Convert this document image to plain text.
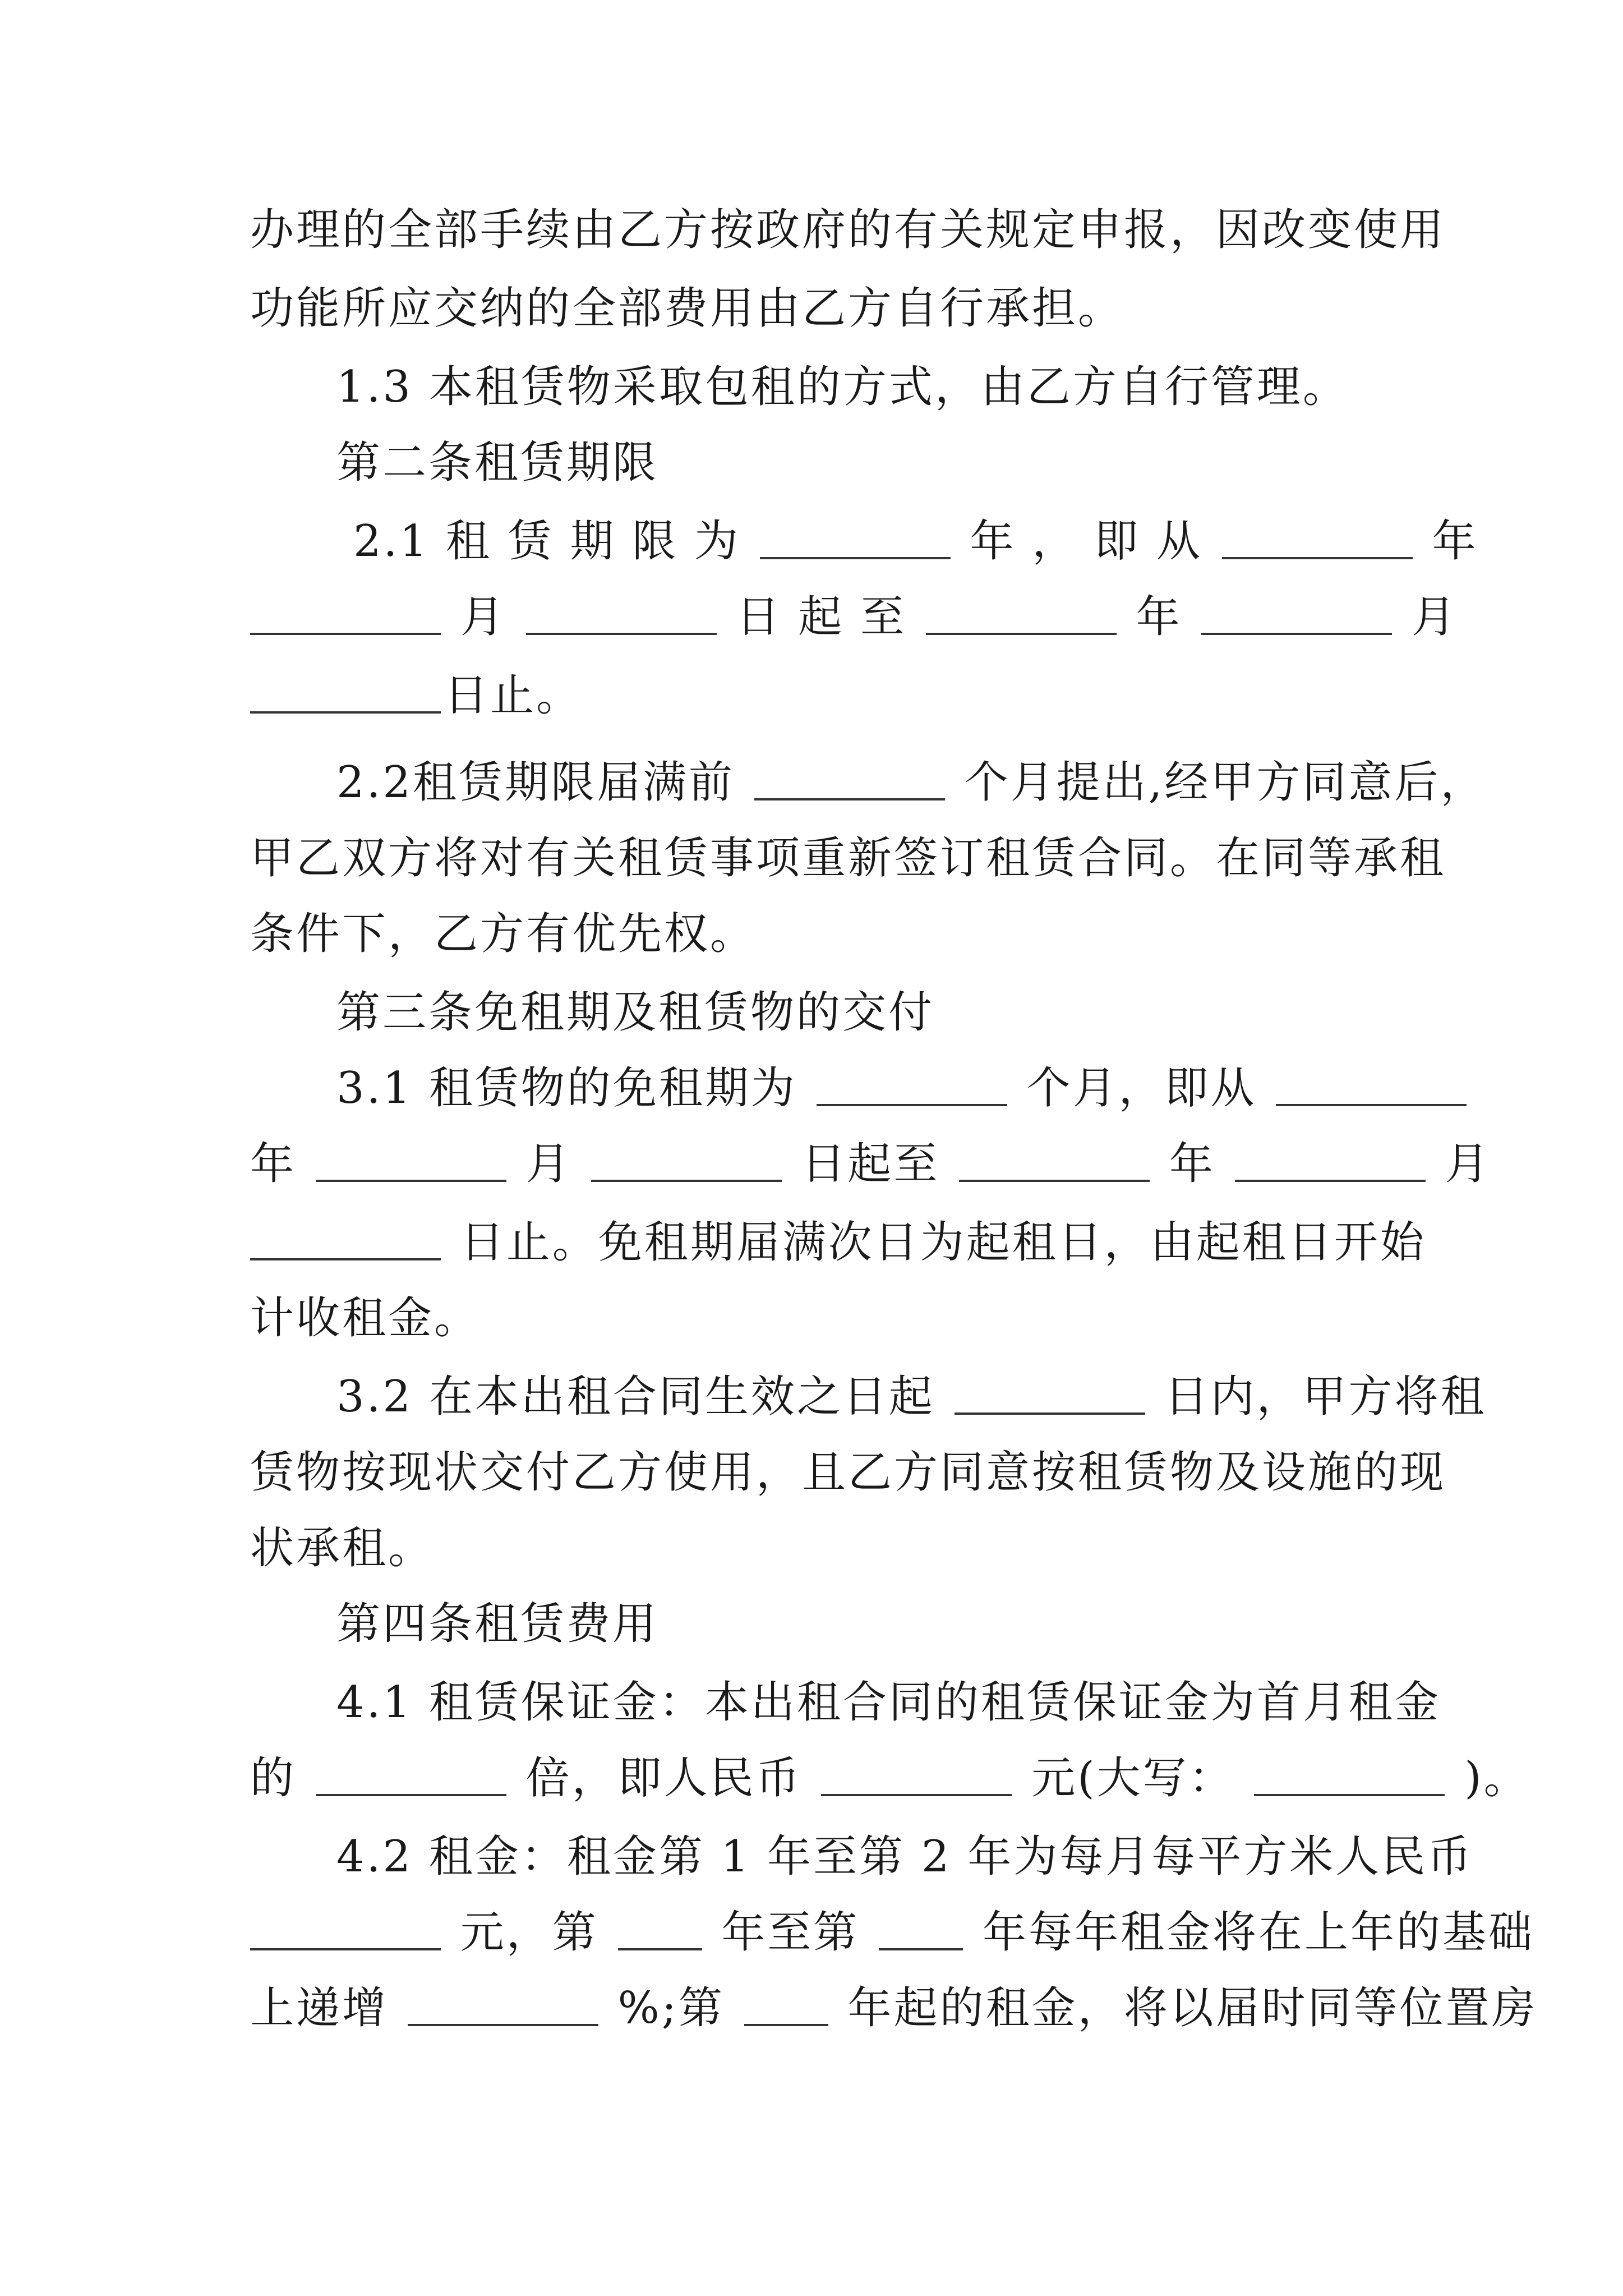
办理的全部手续由乙方按政府的有关规定申报，因改变使用
功能所应交纳的全部费用由乙方自行承担。
1.3 本租赁物采取包租的方式，由乙方自行管理。
第二条租赁期限
2.1 租 赁 期 限 为	年 ， 即 从	年
月	日 起 至	年	月
日止。
2.2租赁期限届满前	个月提出,经甲方同意后，
甲乙双方将对有关租赁事项重新签订租赁合同。在同等承租
条件下，乙方有优先权。
第三条免租期及租赁物的交付
3.1 租赁物的免租期为	个月，即从
年	月	日起至	年	月
日止。免租期届满次日为起租日，由起租日开始
计收租金。
3.2 在本出租合同生效之日起	日内，甲方将租
赁物按现状交付乙方使用，且乙方同意按租赁物及设施的现
状承租。
第四条租赁费用
4.1 租赁保证金：本出租合同的租赁保证金为首月租金
的	倍，即人民币	元(大写：	)。
4.2 租金：租金第 1 年至第 2 年为每月每平方米人民币
元，第	年至第	年每年租金将在上年的基础
上递增	%;第	年起的租金，将以届时同等位置房
